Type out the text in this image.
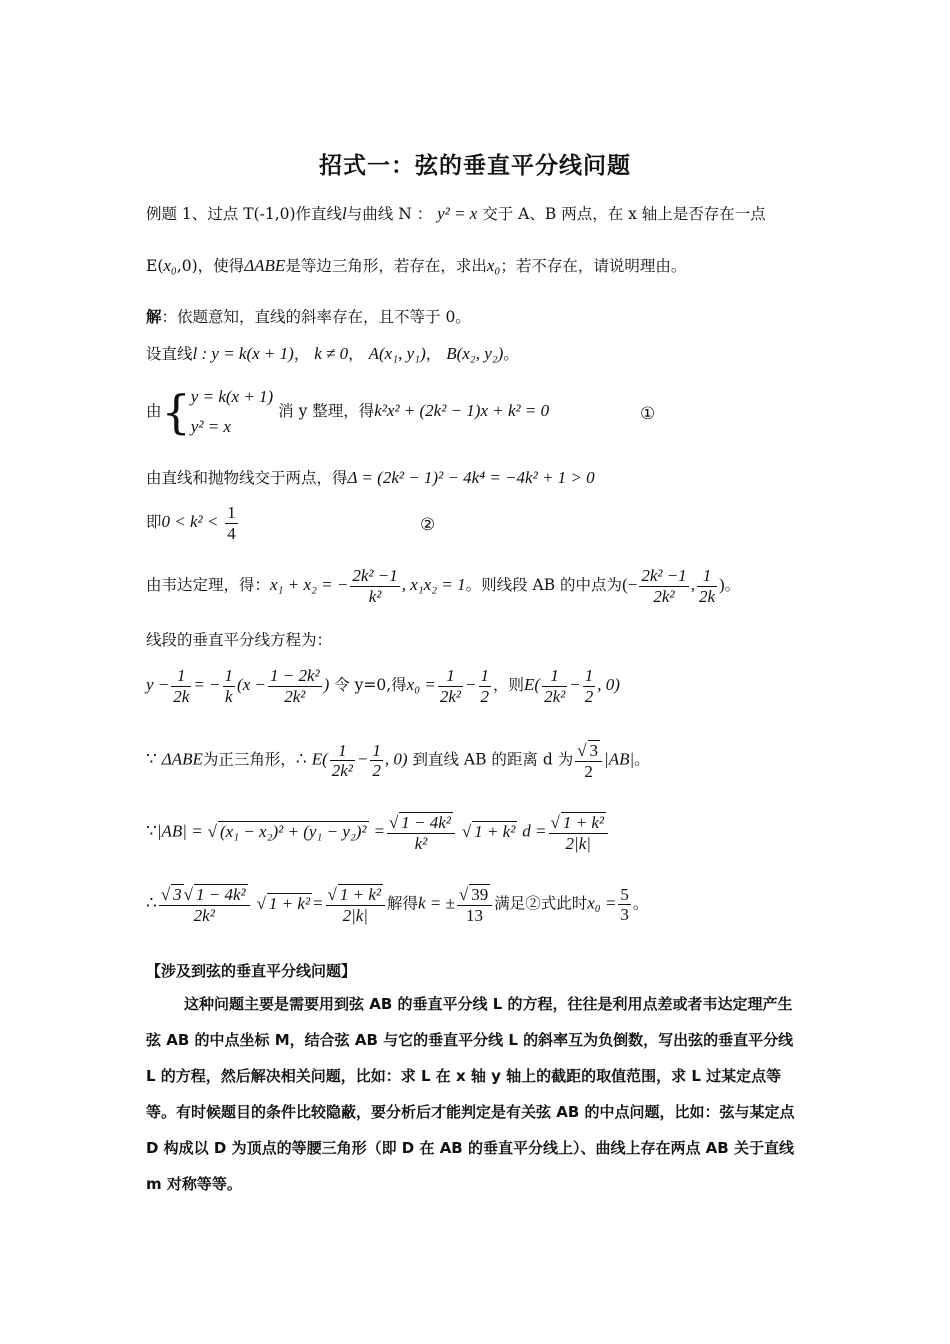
招式一：弦的垂直平分线问题
例题 1、过点 T(-1,0)作直线l与曲线 N ： y² = x 交于 A、B 两点，在 x 轴上是否存在一点
E(x₀,0)，使得ΔABE是等边三角形，若存在，求出x₀；若不存在，请说明理由。
解：依题意知，直线的斜率存在，且不等于 0。
设直线l : y = k(x + 1)， k ≠ 0， A(x₁, y₁)， B(x₂, y₂)。
由{ y = k(x + 1)
y² = x
消 y 整理，得k²x² + (2k² − 1)x + k² = 0	①
由直线和抛物线交于两点，得Δ = (2k² − 1)² − 4k⁴ = −4k² + 1 > 0
即$0 < k^2 < \frac{1}{4}$	②
由韦达定理，得：x₁ + x₂ = − $\frac{\text{2k² −1}}{\text{k²}}$ , x₁x₂ = 1。则线段 AB 的中点为(− $\frac{\text{2k² −1}}{\text{2k²}}$ , $\frac{1}{2k}$ )。
线段的垂直平分线方程为：
$y - \frac{1}{2k}$ = − $\frac{1}{k} (x - \frac{\text{1 − 2k²}}{\text{2k²}}$ ) 令 y=0,得$x_0 = \frac{1}{\text{2k²}} - \frac{1}{2}$ ，则$E( \frac{1}{\text{2k²}} - \frac{1}{2}$ , 0)
∵ ΔABE为正三角形，∴ $E( \frac{1}{\text{2k²}} - \frac{1}{2}$ , 0) 到直线 AB 的距离 d 为 √ $\frac{3}{2} |AB|$。
∵|AB| = √ (x₁ − x₂)² + (y₁ − y₂)² = √ $\frac{\text{1 − 4k²}}{\text{k²}}$ √ 1 + k² d = √ $\frac{\text{1 + k²}}{2|k|}$
∴ √ $\frac{\text{3 √ 1 − 4k²}}{\text{2k²}}$ √ 1 + k² = √ $\frac{\text{1 + k²}}{2|k|}$ 解得k = ± √ $\frac{39}{13}$ 满足②式此时$x_0 = \frac{5}{3}$ 。
【涉及到弦的垂直平分线问题】
这种问题主要是需要用到弦 AB 的垂直平分线 L 的方程，往往是利用点差或者韦达定理产生弦 AB 的中点坐标 M，结合弦 AB 与它的垂直平分线 L 的斜率互为负倒数，写出弦的垂直平分线 L 的方程，然后解决相关问题，比如：求 L 在 x 轴 y 轴上的截距的取值范围，求 L 过某定点等等。有时候题目的条件比较隐蔽，要分析后才能判定是有关弦 AB 的中点问题，比如：弦与某定点 D 构成以 D 为顶点的等腰三角形（即 D 在 AB 的垂直平分线上）、曲线上存在两点 AB 关于直线 m 对称等等。
